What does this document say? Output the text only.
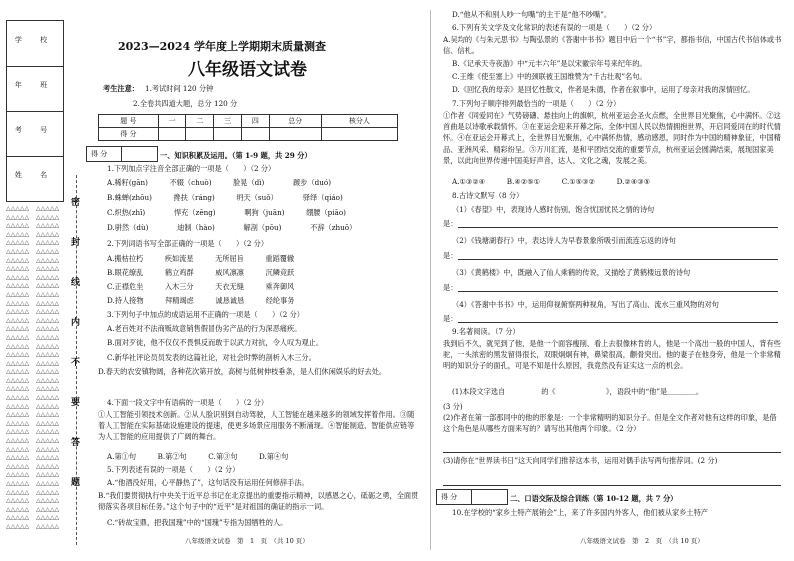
学 校
年 班
考 号
姓 名
△△△△△
△△△△△
△△△△△
△△△△△
△△△△△
△△△△△
△△△△△
△△△△△
△△△△△
△△△△△
△△△△△
△△△△△
△△△△△
△△△△△
△△△△△
△△△△△
△△△△△
△△△△△
△△△△△
△△△△△
△△△△△
△△△△△
△△△△△
△△△△△
△△△△△
△△△△△
△△△△△
△△△△△
△△△△△
△△△△△
△△△△△
△△△△△
△△△△△
△△△△△
△△△△△
△△△△△
△△△△△
△△△△△
△△△△△
△△△△△
△△△△△
△△△△△
△△△△△
△△△△△
△△△△△
△△△△△
△△△△△
△△△△△
△△△△△
△△△△△
△△△△△
△△△△△
△△△△△
△△△△△
△△△△△
△△△△△
△△△△△
△△△△△
△△△△△
△△△△△
△△△△△
△△△△△
△△△△△
△△△△△
△△△△△
△△△△△
△△△△△
△△△△△
△△△△△
△△△△△
△△△△△
△△△△△
△△△△△
△△△△△
△△△△△
△△△△△
密
封
线
内
不
要
答
题
2023—2024 学年度上学期期末质量测查
八年级语文试卷
考生注意： 1.考试时间 120 分钟
2.全卷共四道大题，总分 120 分
题 号	一	二	三	四	总分	核分人
得 分						
得 分	一、知识积累及运用。（第 1-9 题，共 29 分）
1.下列加点字注音全部正确的一项是（　　）（2 分）
A.稀籽(gān)　　　不辍（chuò)　　　脸晃（dì)　　　　踱步（duó)
B.蛛蝉(zhōu)　　　搀扶（ráng)　　　坍天（suǒ）　　　　驿绎（qiáo)
C.炽热(zhī)　　　　悍充（zēng)　　　　啊狗（juān)　　　绷腰（piāo)
D.骈然（dù)　　　　迪制（hào)　　　　解剖（pōu)　　　　不辞（zhuō）
2.下列词语书写全部正确的一项是（　　）（2 分）
A.搬枯拉朽　　　疾如流星　　　无所屈旨　　　重蹈覆辙
B.眼花缭乱　　　鹤立鸡群　　　威风凛凛　　　沉鳞竞跃
C.正襟危坐　　　入木三分　　　天衣无缝　　　乘奔御风
D.持人接物　　　拜精竭虑　　　诚恳诚恳　　　经纶事务
3.下列句子中加点的成语运用不正确的一项是（　　）（2 分）
A.老百姓对不法商贩故意销售假冒伪劣产品的行为深恶痛疾。
B.面对歹徒，他不仅仅不畏惧反而敢于以武力对抗，令人叹为观止。
C.新华社评论员员发表的这篇社论，对社会时弊的剖析入木三分。
D.春天的农安镇物阔，各种花次第开放，高树与低树伸枝垂条，是人们休闲娱乐的好去处。
4.下面一段文字中有语病的一项是（　　）（2 分）
①人工智能引领技术创新。②从人脸识别到自动驾驶，人工智能在越来越多的领域发挥着作用。③随着人工智能在实际基础设施建设的提速，使更多场景应用服务不断涌现。④智能制造、智能供应链等为人工智能的应用提供了广阔的舞台。
A.第①句　　　B.第②句　　　C.第③句　　　D.第④句
5.下列表述有误的一项是（　　）（2 分）
A.“他酒没好用，心平静热了”，这句话没有运用任何修辞手法。
B.“我们要贯彻执行中央关于近平总书记在北京提出的重要指示精神，以感恩之心，砥砺之勇，全面贯彻落实各项目标任务。”这个句子中的“近平”是对祖国的确证的指示一词。
C.“砖故宝鼎，把我国瑰”中的“国瑰”专指为国牺牲的人。
八年级语文试卷　第　1　页　（共 10 页）
D.“他从不和别人吵一句嘴”的主干是“他不吵嘴”。
6.下列有关文学及文化常识的表述有误的一项是（　　）（2 分）
A.吴均的《与朱元思书》与陶弘景的《答谢中书书》题目中后一个“书”字，都指书信，中国古代书信体或书信、信札。
B.《记承天寺夜游》中“元丰六年”是以宋徽宗年号来纪年的。
C.王维《使至塞上》中的颈联被王国维赞为“千古壮观”名句。
D.《回忆我的母亲》是回忆性散文，作者是朱德，作者在叙事中，运用了母亲对我的深情回忆。
7.下列句子顺序排列最恰当的一项是（　　）（2 分）
①作者《同爱同在》气势磅礴、悬挂向上的旗帜，杭州亚运会圣火点燃，全世界目光聚焦，心中满怀。②这首曲是以诗歌承载情怀。③在亚运会迎来开幕之际，全体中国人民以热情拥抱世界，开启同爱同在的时代情怀。④在亚运会开幕式上，全世界目光聚焦，心中满怀热情，感动感恩，同时作为中国的精神象征，中国精品、亚洲风采、精彩纷呈。⑤万川汇流，是和平团结交流的重要节点，杭州亚运会圆满结束，展现国家美景，以此向世界传递中国美好声音，达人、文化之魂，发展之美。
A.①③②④　　　B.④②⑤①　　　C.①⑤③②　　　D.②④③⑤
8.古诗文默写（8 分）
（1）《春望》中，表现诗人感时伤别，饱含忧国忧民之情的诗句
是：
（2）《钱塘湖春行》中，表达诗人为早春景象所吸引而流连忘返的诗句
是：
（3）《黄鹤楼》中，既融入了仙人乘鹤的传说，又描绘了黄鹤楼远景的诗句
是：
（4）《答谢中书书》中，运用仰视俯察两种视角，写出了高山、流水三重风物的对句
是：
9.名著阅读。（7 分）
我到后不久，就见到了他，是他一个面容瘦削、看上去很像林肯的人，他是一个高出一般的中国人，背有些驼，一头浓密的黑发留得很长，双眼炯炯有神，鼻梁很高，颧骨突出。他的妻子在他身旁，他是一个非常精明的知识分子的面孔，可是不知是什么原因，我竟然没有证实这一点的机会。
(1)本段文字选自　　　　　的《　　　　　　　》，语段中的“他”是＿＿＿＿。
(3 分)
(2)作者在第一部那同中的他的形象是：一个非常精明的知识分子。但是全文作者对他有这样的印象，是借这个角色是从哪些方面来写的？请写出其他两个印象。（2 分）
(3)请你在“世界读书日”这天向同学们推荐这本书，运用对偶手法写两句推荐词。(2 分)
得 分	二、口语交际及综合训练（第 10-12 题，共 7 分）
10.在学校的“家乡土特产展销会”上，来了许多国内外客人，他们被从家乡土特产
八年级语文试卷　第　2　页　（共 10 页）
